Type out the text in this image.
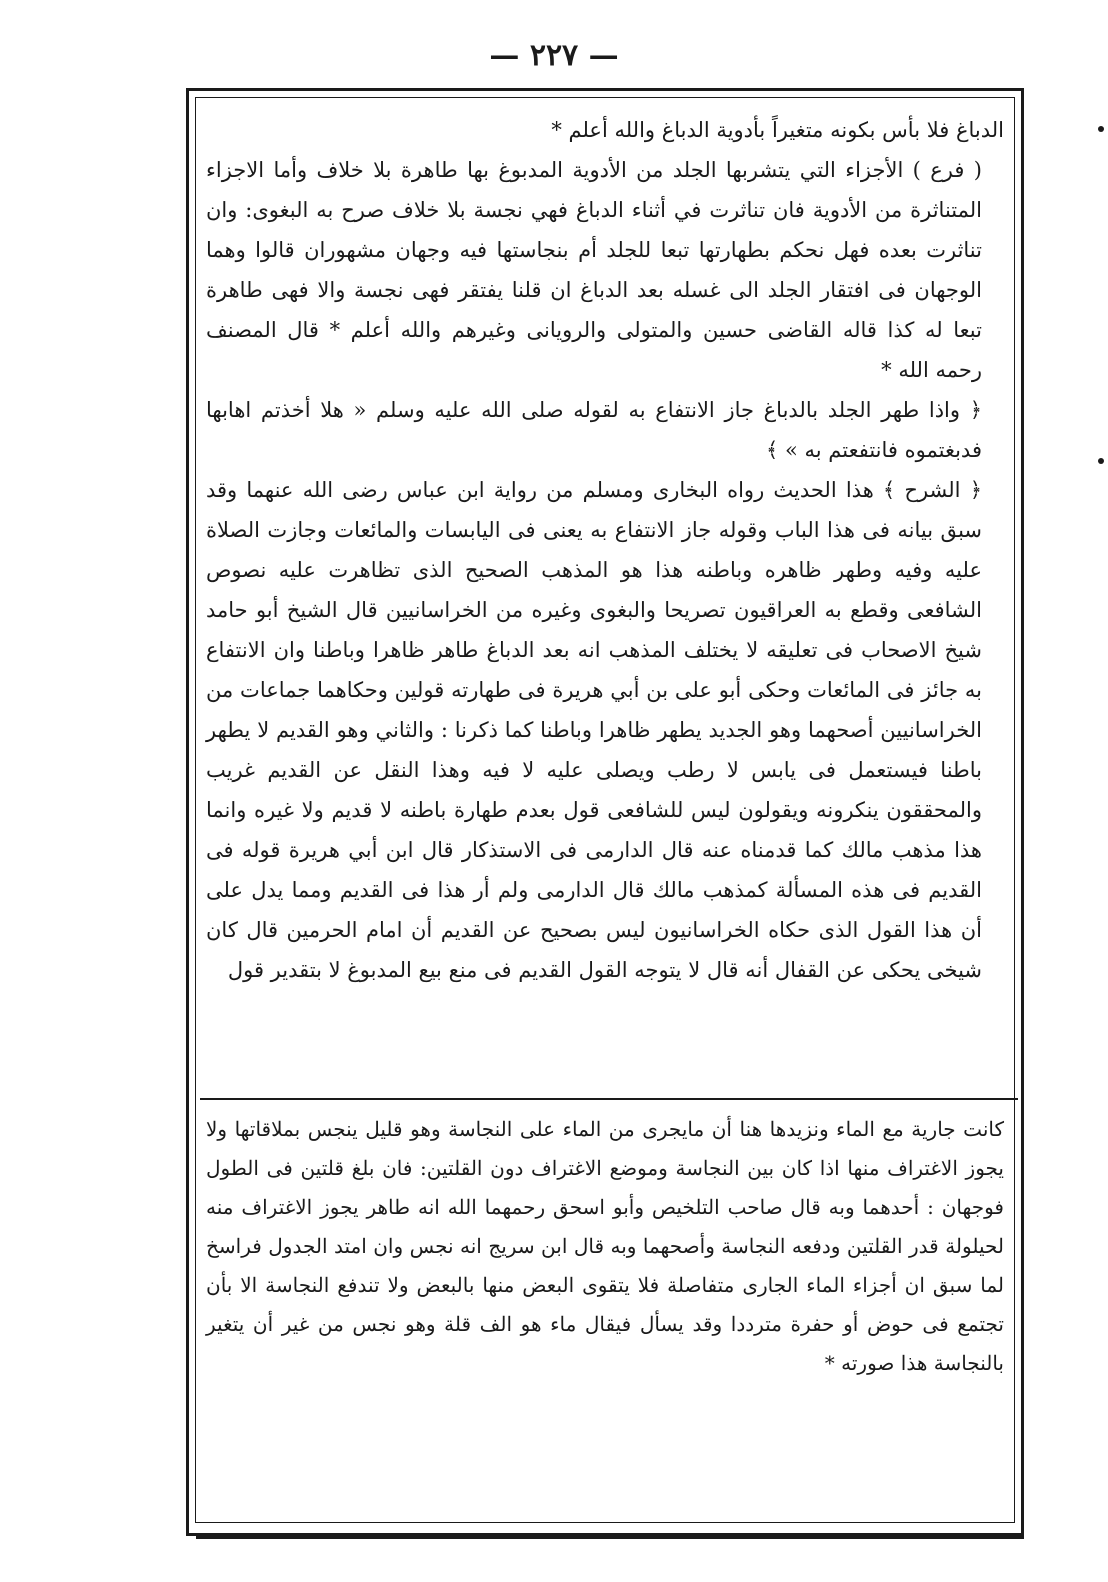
— ٢٢٧ —

الدباغ فلا بأس بكونه متغيراً بأدوية الدباغ والله أعلم *

( فرع ) الأجزاء التي يتشربها الجلد من الأدوية المدبوغ بها طاهرة بلا خلاف وأما الاجزاء المتناثرة من الأدوية فان تناثرت في أثناء الدباغ فهي نجسة بلا خلاف صرح به البغوى: وان تناثرت بعده فهل نحكم بطهارتها تبعا للجلد أم بنجاستها فيه وجهان مشهوران قالوا وهما الوجهان فى افتقار الجلد الى غسله بعد الدباغ ان قلنا يفتقر فهى نجسة والا فهى طاهرة تبعا له كذا قاله القاضى حسين والمتولى والرويانى وغيرهم والله أعلم * قال المصنف رحمه الله *

﴿ واذا طهر الجلد بالدباغ جاز الانتفاع به لقوله صلى الله عليه وسلم « هلا أخذتم اهابها فدبغتموه فانتفعتم به » ﴾

﴿ الشرح ﴾ هذا الحديث رواه البخارى ومسلم من رواية ابن عباس رضى الله عنهما وقد سبق بيانه فى هذا الباب وقوله جاز الانتفاع به يعنى فى اليابسات والمائعات وجازت الصلاة عليه وفيه وطهر ظاهره وباطنه هذا هو المذهب الصحيح الذى تظاهرت عليه نصوص الشافعى وقطع به العراقيون تصريحا والبغوى وغيره من الخراسانيين قال الشيخ أبو حامد شيخ الاصحاب فى تعليقه لا يختلف المذهب انه بعد الدباغ طاهر ظاهرا وباطنا وان الانتفاع به جائز فى المائعات وحكى أبو على بن أبي هريرة فى طهارته قولين وحكاهما جماعات من الخراسانيين أصحهما وهو الجديد يطهر ظاهرا وباطنا كما ذكرنا : والثاني وهو القديم لا يطهر باطنا فيستعمل فى يابس لا رطب ويصلى عليه لا فيه وهذا النقل عن القديم غريب والمحققون ينكرونه ويقولون ليس للشافعى قول بعدم طهارة باطنه لا قديم ولا غيره وانما هذا مذهب مالك كما قدمناه عنه قال الدارمى فى الاستذكار قال ابن أبي هريرة قوله فى القديم فى هذه المسألة كمذهب مالك قال الدارمى ولم أر هذا فى القديم ومما يدل على أن هذا القول الذى حكاه الخراسانيون ليس بصحيح عن القديم أن امام الحرمين قال كان شيخى يحكى عن القفال أنه قال لا يتوجه القول القديم فى منع بيع المدبوغ لا بتقدير قول

كانت جارية مع الماء ونزيدها هنا أن مايجرى من الماء على النجاسة وهو قليل ينجس بملاقاتها ولا يجوز الاغتراف منها اذا كان بين النجاسة وموضع الاغتراف دون القلتين: فان بلغ قلتين فى الطول فوجهان : أحدهما وبه قال صاحب التلخيص وأبو اسحق رحمهما الله انه طاهر يجوز الاغتراف منه لحيلولة قدر القلتين ودفعه النجاسة وأصحهما وبه قال ابن سريج انه نجس وان امتد الجدول فراسخ لما سبق ان أجزاء الماء الجارى متفاصلة فلا يتقوى البعض منها بالبعض ولا تندفع النجاسة الا بأن تجتمع فى حوض أو حفرة مترددا وقد يسأل فيقال ماء هو الف قلة وهو نجس من غير أن يتغير بالنجاسة هذا صورته *
